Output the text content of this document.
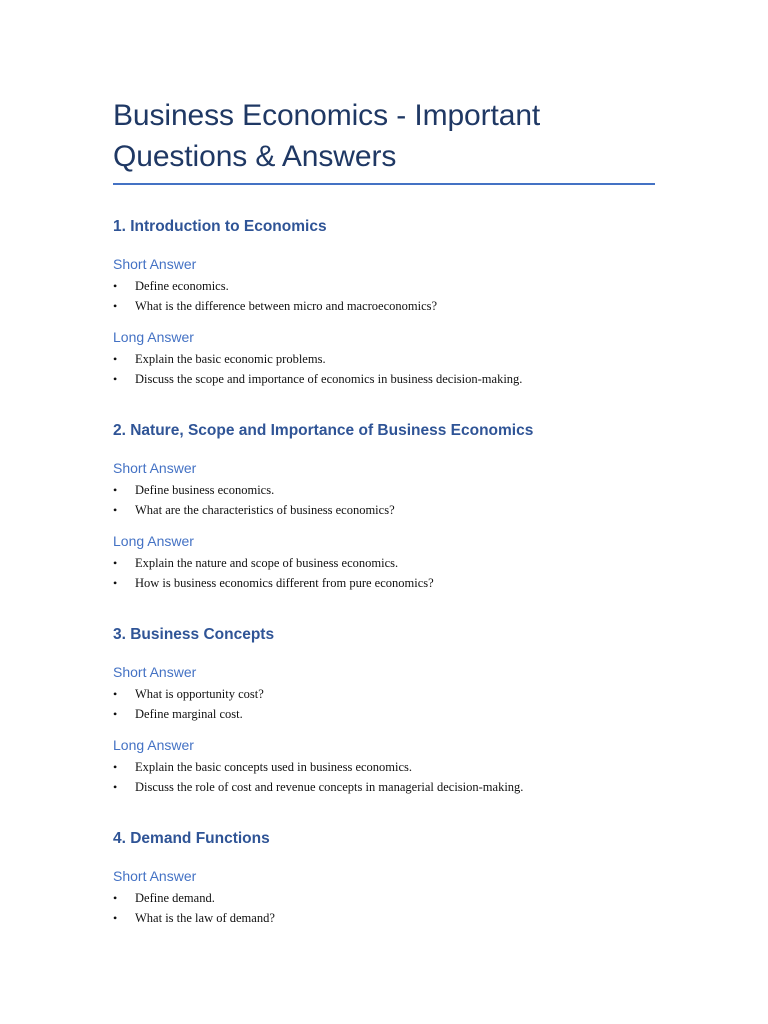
Business Economics - Important
Questions & Answers
1. Introduction to Economics
Short Answer
•	Define economics.
•	What is the difference between micro and macroeconomics?
Long Answer
•	Explain the basic economic problems.
•	Discuss the scope and importance of economics in business decision-making.
2. Nature, Scope and Importance of Business Economics
Short Answer
•	Define business economics.
•	What are the characteristics of business economics?
Long Answer
•	Explain the nature and scope of business economics.
•	How is business economics different from pure economics?
3. Business Concepts
Short Answer
•	What is opportunity cost?
•	Define marginal cost.
Long Answer
•	Explain the basic concepts used in business economics.
•	Discuss the role of cost and revenue concepts in managerial decision-making.
4. Demand Functions
Short Answer
•	Define demand.
•	What is the law of demand?
